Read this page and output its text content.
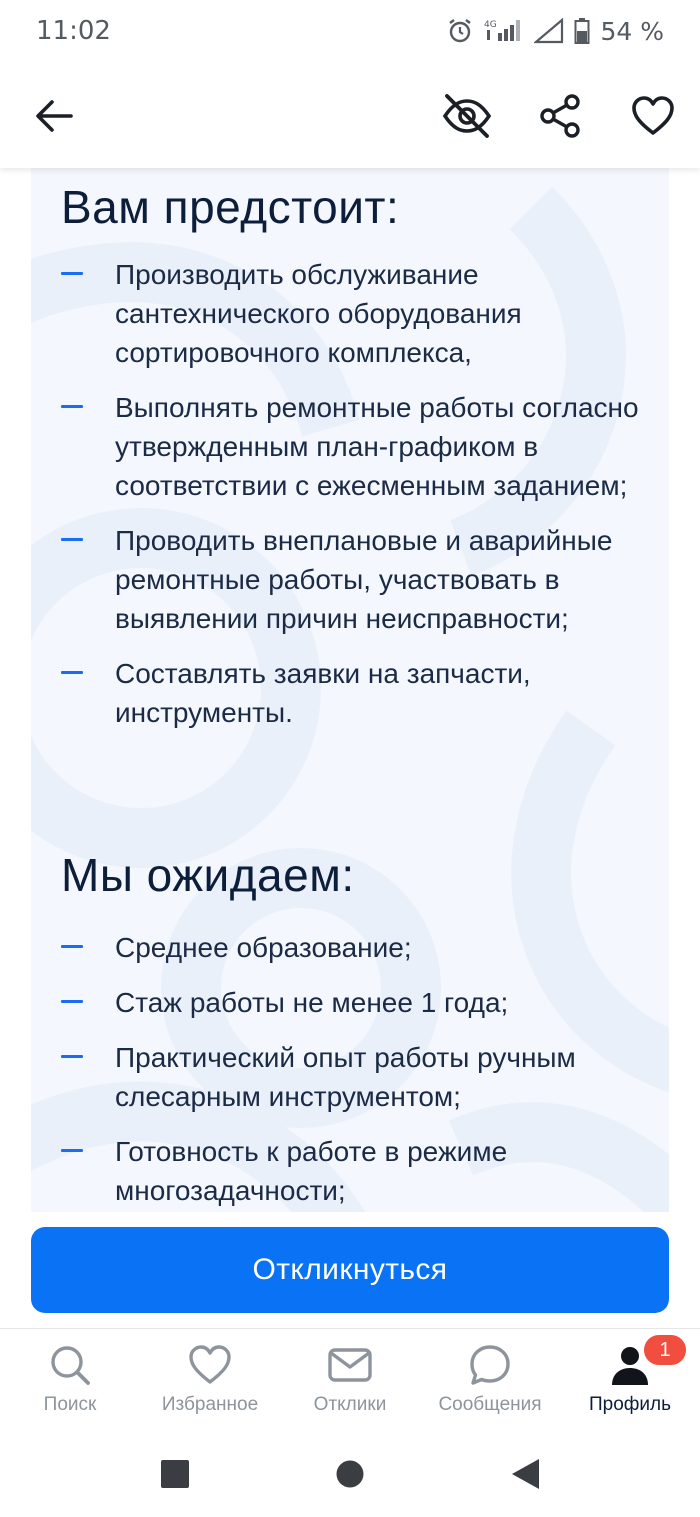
11:02	4G	54 %
Вам предстоит:
Производить обслуживание сантехнического оборудования сортировочного комплекса,
Выполнять ремонтные работы согласно утвержденным план-графиком в соответствии с ежесменным заданием;
Проводить внеплановые и аварийные ремонтные работы, участвовать в выявлении причин неисправности;
Составлять заявки на запчасти, инструменты.
Мы ожидаем:
Среднее образование;
Стаж работы не менее 1 года;
Практический опыт работы ручным слесарным инструментом;
Готовность к работе в режиме многозадачности;
Откликнуться
Поиск	Избранное	Отклики	Сообщения
1
Профиль
